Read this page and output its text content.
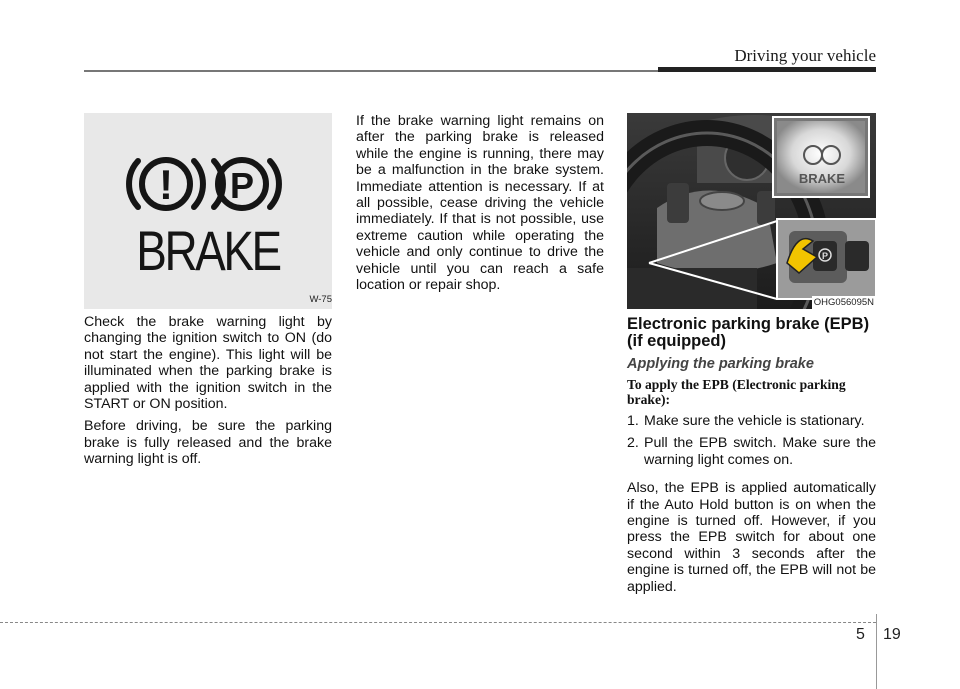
Driving your vehicle
! P
BRAKE
W-75

Check the brake warning light by changing the ignition switch to ON (do not start the engine). This light will be illuminated when the parking brake is applied with the ignition switch in the START or ON position.

Before driving, be sure the parking brake is fully released and the brake warning light is off.

If the brake warning light remains on after the parking brake is released while the engine is running, there may be a malfunction in the brake system. Immediate attention is necessary. If at all possible, cease driving the vehicle immediately. If that is not possible, use extreme caution while operating the vehicle and only continue to drive the vehicle until you can reach a safe location or repair shop.

P
BRAKE
OHG056095N
Electronic parking brake (EPB) (if equipped)
Applying the parking brake
To apply the EPB (Electronic parking brake):
1. Make sure the vehicle is stationary.
2. Pull the EPB switch. Make sure the warning light comes on.

Also, the EPB is applied automatically if the Auto Hold button is on when the engine is turned off. However, if you press the EPB switch for about one second within 3 seconds after the engine is turned off, the EPB will not be applied.

5 19
